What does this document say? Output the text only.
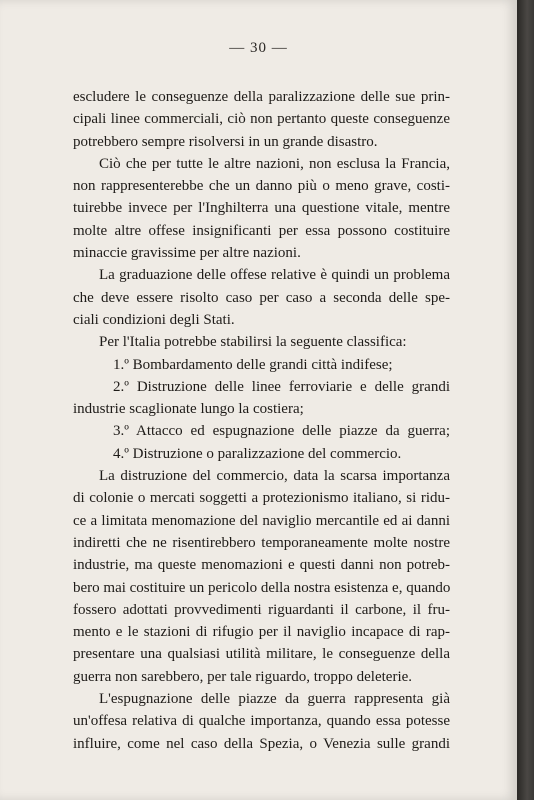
— 30 —
escludere le conseguenze della paralizzazione delle sue prin-
cipali linee commerciali, ciò non pertanto queste conseguenze
potrebbero sempre risolversi in un grande disastro.
Ciò che per tutte le altre nazioni, non esclusa la Francia,
non rappresenterebbe che un danno più o meno grave, costi-
tuirebbe invece per l'Inghilterra una questione vitale, mentre
molte altre offese insignificanti per essa possono costituire
minaccie gravissime per altre nazioni.
La graduazione delle offese relative è quindi un problema
che deve essere risolto caso per caso a seconda delle spe-
ciali condizioni degli Stati.
Per l'Italia potrebbe stabilirsi la seguente classifica:
1.º Bombardamento delle grandi città indifese;
2.º Distruzione delle linee ferroviarie e delle grandi
industrie scaglionate lungo la costiera;
3.º Attacco ed espugnazione delle piazze da guerra;
4.º Distruzione o paralizzazione del commercio.
La distruzione del commercio, data la scarsa importanza
di colonie o mercati soggetti a protezionismo italiano, si ridu-
ce a limitata menomazione del naviglio mercantile ed ai danni
indiretti che ne risentirebbero temporaneamente molte nostre
industrie, ma queste menomazioni e questi danni non potreb-
bero mai costituire un pericolo della nostra esistenza e, quando
fossero adottati provvedimenti riguardanti il carbone, il fru-
mento e le stazioni di rifugio per il naviglio incapace di rap-
presentare una qualsiasi utilità militare, le conseguenze della
guerra non sarebbero, per tale riguardo, troppo deleterie.
L'espugnazione delle piazze da guerra rappresenta già
un'offesa relativa di qualche importanza, quando essa potesse
influire, come nel caso della Spezia, o Venezia sulle grandi
